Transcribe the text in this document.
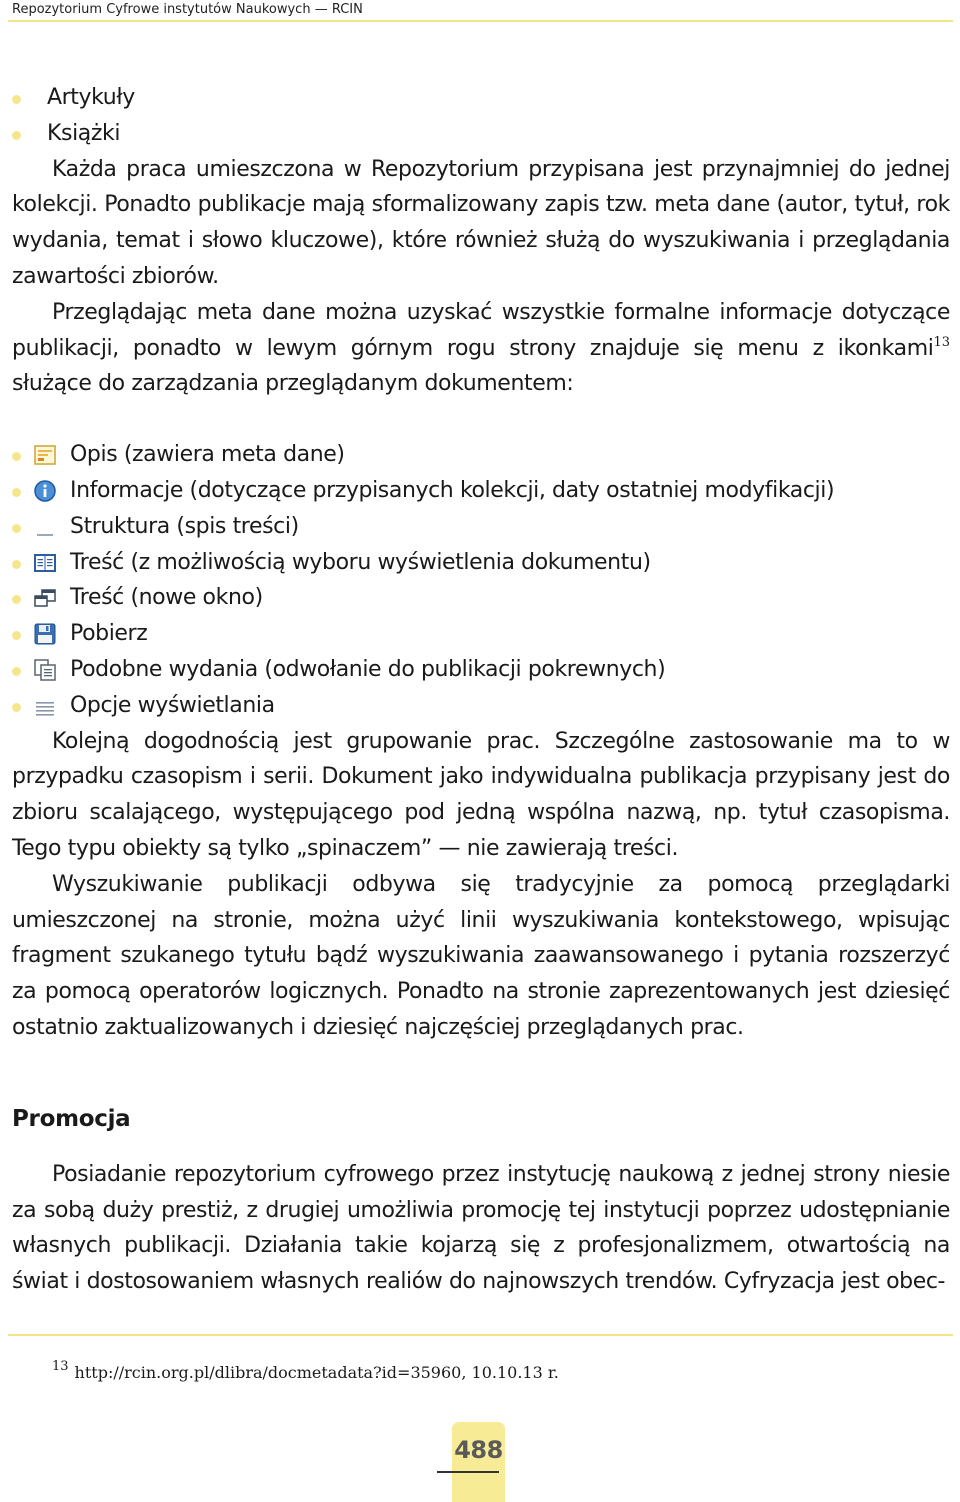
Repozytorium Cyfrowe instytutów Naukowych — RCIN
Artykuły
Książki

Każda praca umieszczona w Repozytorium przypisana jest przynajmniej do jednej kolekcji. Ponadto publikacje mają sformalizowany zapis tzw. meta dane (autor, tytuł, rok wydania, temat i słowo kluczowe), które również służą do wyszukiwania i przeglądania zawartości zbiorów.

Przeglądając meta dane można uzyskać wszystkie formalne informacje dotyczące publikacji, ponadto w lewym górnym rogu strony znajduje się menu z ikonkami$^{13}$ służące do zarządzania przeglądanym dokumentem:

Opis (zawiera meta dane)
Informacje (dotyczące przypisanych kolekcji, daty ostatniej modyfikacji)
Struktura (spis treści)
Treść (z możliwością wyboru wyświetlenia dokumentu)
Treść (nowe okno)
Pobierz
Podobne wydania (odwołanie do publikacji pokrewnych)
Opcje wyświetlania

Kolejną dogodnością jest grupowanie prac. Szczególne zastosowanie ma to w przypadku czasopism i serii. Dokument jako indywidualna publikacja przypisany jest do zbioru scalającego, występującego pod jedną wspólna nazwą, np. tytuł czasopisma. Tego typu obiekty są tylko „spinaczem” — nie zawierają treści.

Wyszukiwanie publikacji odbywa się tradycyjnie za pomocą przeglądarki umieszczonej na stronie, można użyć linii wyszukiwania kontekstowego, wpisując fragment szukanego tytułu bądź wyszukiwania zaawansowanego i pytania rozszerzyć za pomocą operatorów logicznych. Ponadto na stronie zaprezentowanych jest dziesięć ostatnio zaktualizowanych i dziesięć najczęściej przeglądanych prac.

Promocja

Posiadanie repozytorium cyfrowego przez instytucję naukową z jednej strony niesie za sobą duży prestiż, z drugiej umożliwia promocję tej instytucji poprzez udostępnianie własnych publikacji. Działania takie kojarzą się z profesjonalizmem, otwartością na świat i dostosowaniem własnych realiów do najnowszych trendów. Cyfryzacja jest obec-

$^{13}$ http://rcin.org.pl/dlibra/docmetadata?id=35960, 10.10.13 r.
488
